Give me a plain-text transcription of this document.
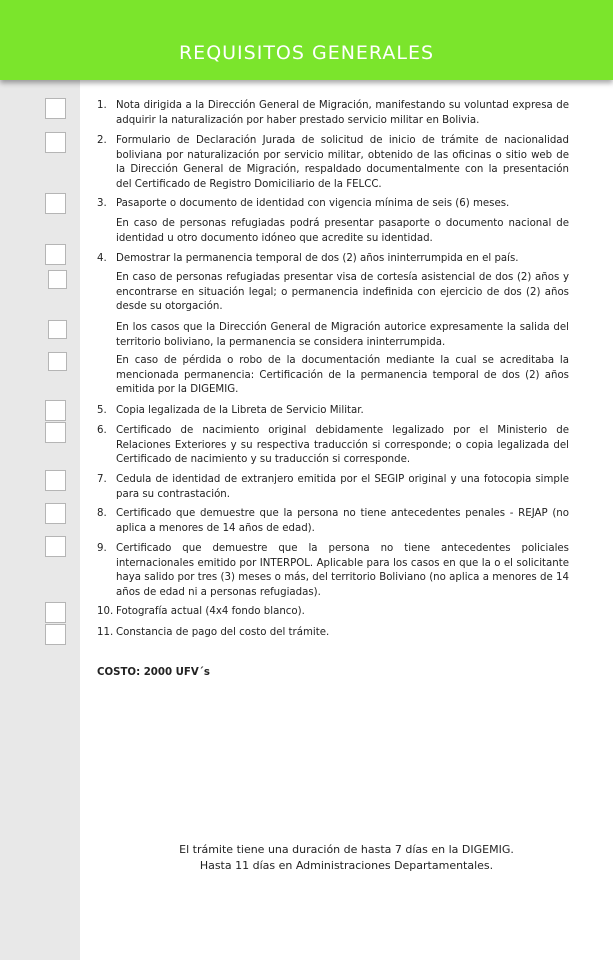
REQUISITOS GENERALES
1. Nota dirigida a la Dirección General de Migración, manifestando su voluntad expresa de adquirir la naturalización por haber prestado servicio militar en Bolivia.
2. Formulario de Declaración Jurada de solicitud de inicio de trámite de nacionalidad boliviana por naturalización por servicio militar, obtenido de las oficinas o sitio web de la Dirección General de Migración, respaldado documentalmente con la presentación del Certificado de Registro Domiciliario de la FELCC.
3. Pasaporte o documento de identidad con vigencia mínima de seis (6) meses.
En caso de personas refugiadas podrá presentar pasaporte o documento nacional de identidad u otro documento idóneo que acredite su identidad.
4. Demostrar la permanencia temporal de dos (2) años ininterrumpida en el país.
En caso de personas refugiadas presentar visa de cortesía asistencial de dos (2) años y encontrarse en situación legal; o permanencia indefinida con ejercicio de dos (2) años desde su otorgación.
En los casos que la Dirección General de Migración autorice expresamente la salida del territorio boliviano, la permanencia se considera ininterrumpida.
En caso de pérdida o robo de la documentación mediante la cual se acreditaba la mencionada permanencia: Certificación de la permanencia temporal de dos (2) años emitida por la DIGEMIG.
5. Copia legalizada de la Libreta de Servicio Militar.
6. Certificado de nacimiento original debidamente legalizado por el Ministerio de Relaciones Exteriores y su respectiva traducción si corresponde; o copia legalizada del Certificado de nacimiento y su traducción si corresponde.
7. Cedula de identidad de extranjero emitida por el SEGIP original y una fotocopia simple para su contrastación.
8. Certificado que demuestre que la persona no tiene antecedentes penales - REJAP (no aplica a menores de 14 años de edad).
9. Certificado que demuestre que la persona no tiene antecedentes policiales internacionales emitido por INTERPOL. Aplicable para los casos en que la o el solicitante haya salido por tres (3) meses o más, del territorio Boliviano (no aplica a menores de 14 años de edad ni a personas refugiadas).
10. Fotografía actual (4x4 fondo blanco).
11. Constancia de pago del costo del trámite.
COSTO: 2000 UFV´s
El trámite tiene una duración de hasta 7 días en la DIGEMIG.
Hasta 11 días en Administraciones Departamentales.
